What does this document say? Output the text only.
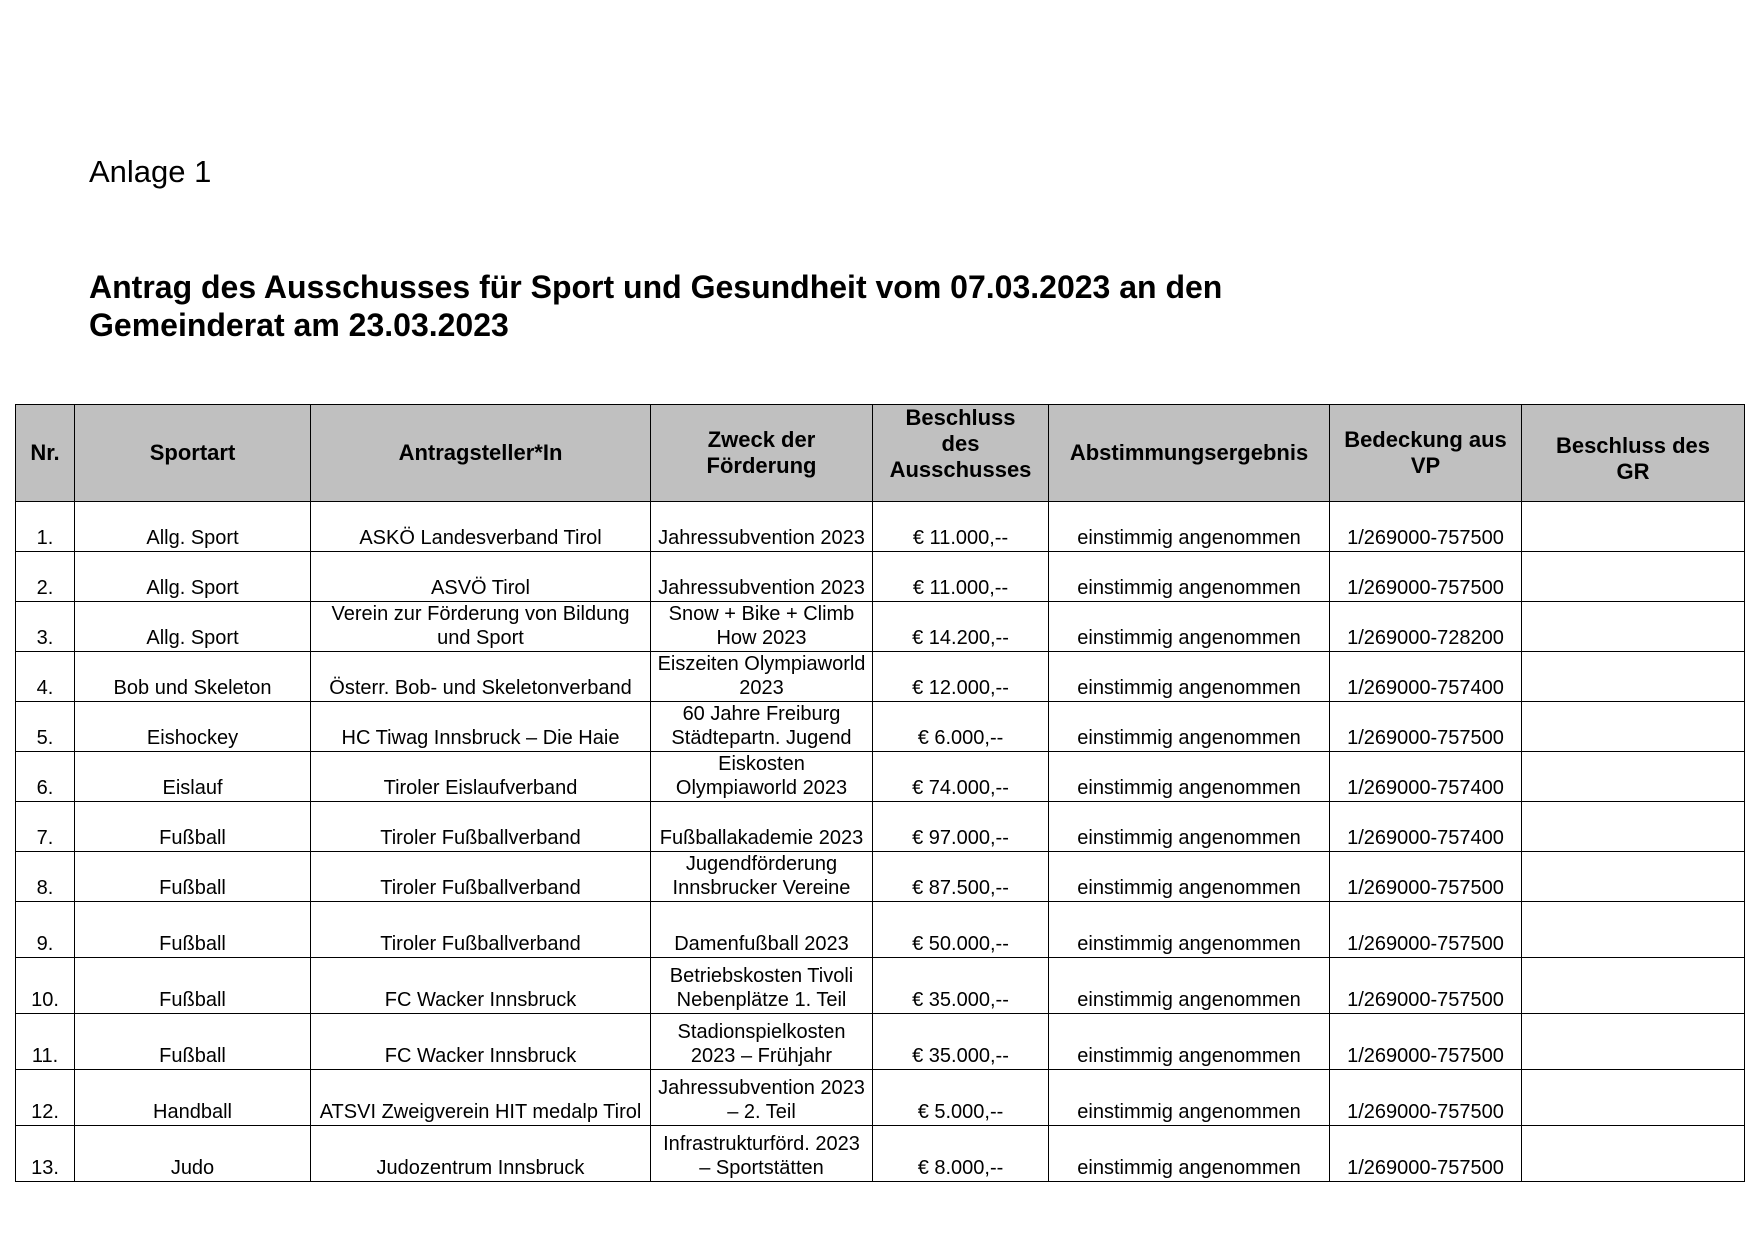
Anlage 1
Antrag des Ausschusses für Sport und Gesundheit vom 07.03.2023 an den
Gemeinderat am 23.03.2023
Nr.	Sportart	Antragsteller*In	Zweck der Förderung	Beschluss des Ausschusses	Abstimmungsergebnis	Bedeckung aus VP	Beschluss des GR
1.	Allg. Sport	ASKÖ Landesverband Tirol	Jahressubvention 2023	€ 11.000,--	einstimmig angenommen	1/269000-757500	
2.	Allg. Sport	ASVÖ Tirol	Jahressubvention 2023	€ 11.000,--	einstimmig angenommen	1/269000-757500	
3.	Allg. Sport	Verein zur Förderung von Bildung und Sport	Snow + Bike + Climb How 2023	€ 14.200,--	einstimmig angenommen	1/269000-728200	
4.	Bob und Skeleton	Österr. Bob- und Skeletonverband	Eiszeiten Olympiaworld 2023	€ 12.000,--	einstimmig angenommen	1/269000-757400	
5.	Eishockey	HC Tiwag Innsbruck – Die Haie	60 Jahre Freiburg Städtepartn. Jugend	€ 6.000,--	einstimmig angenommen	1/269000-757500	
6.	Eislauf	Tiroler Eislaufverband	Eiskosten Olympiaworld 2023	€ 74.000,--	einstimmig angenommen	1/269000-757400	
7.	Fußball	Tiroler Fußballverband	Fußballakademie 2023	€ 97.000,--	einstimmig angenommen	1/269000-757400	
8.	Fußball	Tiroler Fußballverband	Jugendförderung Innsbrucker Vereine	€ 87.500,--	einstimmig angenommen	1/269000-757500	
9.	Fußball	Tiroler Fußballverband	Damenfußball 2023	€ 50.000,--	einstimmig angenommen	1/269000-757500	
10.	Fußball	FC Wacker Innsbruck	Betriebskosten Tivoli Nebenplätze 1. Teil	€ 35.000,--	einstimmig angenommen	1/269000-757500	
11.	Fußball	FC Wacker Innsbruck	Stadionspielkosten 2023 – Frühjahr	€ 35.000,--	einstimmig angenommen	1/269000-757500	
12.	Handball	ATSVI Zweigverein HIT medalp Tirol	Jahressubvention 2023 – 2. Teil	€ 5.000,--	einstimmig angenommen	1/269000-757500	
13.	Judo	Judozentrum Innsbruck	Infrastrukturförd. 2023 – Sportstätten	€ 8.000,--	einstimmig angenommen	1/269000-757500	
